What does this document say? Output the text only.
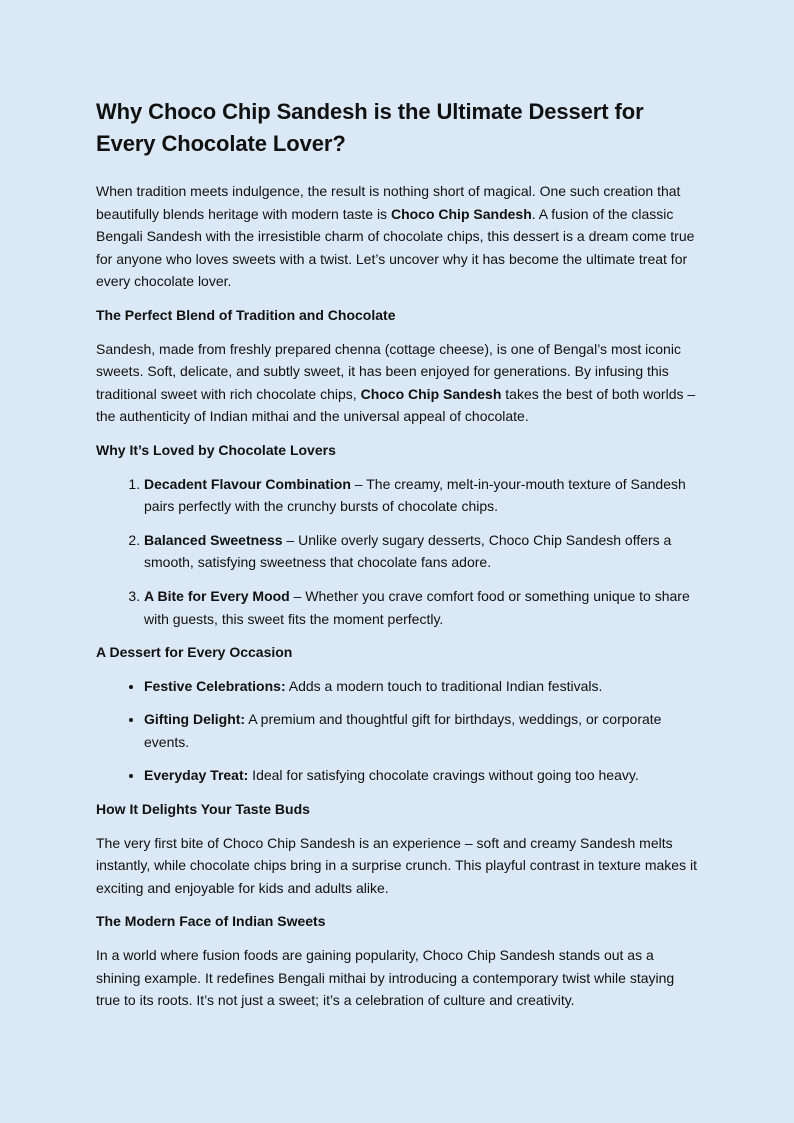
Why Choco Chip Sandesh is the Ultimate Dessert for Every Chocolate Lover?

When tradition meets indulgence, the result is nothing short of magical. One such creation that beautifully blends heritage with modern taste is Choco Chip Sandesh. A fusion of the classic Bengali Sandesh with the irresistible charm of chocolate chips, this dessert is a dream come true for anyone who loves sweets with a twist. Let’s uncover why it has become the ultimate treat for every chocolate lover.

The Perfect Blend of Tradition and Chocolate

Sandesh, made from freshly prepared chenna (cottage cheese), is one of Bengal’s most iconic sweets. Soft, delicate, and subtly sweet, it has been enjoyed for generations. By infusing this traditional sweet with rich chocolate chips, Choco Chip Sandesh takes the best of both worlds – the authenticity of Indian mithai and the universal appeal of chocolate.

Why It’s Loved by Chocolate Lovers
1. Decadent Flavour Combination – The creamy, melt-in-your-mouth texture of Sandesh pairs perfectly with the crunchy bursts of chocolate chips.
2. Balanced Sweetness – Unlike overly sugary desserts, Choco Chip Sandesh offers a smooth, satisfying sweetness that chocolate fans adore.
3. A Bite for Every Mood – Whether you crave comfort food or something unique to share with guests, this sweet fits the moment perfectly.
A Dessert for Every Occasion
• Festive Celebrations: Adds a modern touch to traditional Indian festivals.
• Gifting Delight: A premium and thoughtful gift for birthdays, weddings, or corporate events.
• Everyday Treat: Ideal for satisfying chocolate cravings without going too heavy.
How It Delights Your Taste Buds

The very first bite of Choco Chip Sandesh is an experience – soft and creamy Sandesh melts instantly, while chocolate chips bring in a surprise crunch. This playful contrast in texture makes it exciting and enjoyable for kids and adults alike.

The Modern Face of Indian Sweets

In a world where fusion foods are gaining popularity, Choco Chip Sandesh stands out as a shining example. It redefines Bengali mithai by introducing a contemporary twist while staying true to its roots. It’s not just a sweet; it’s a celebration of culture and creativity.
